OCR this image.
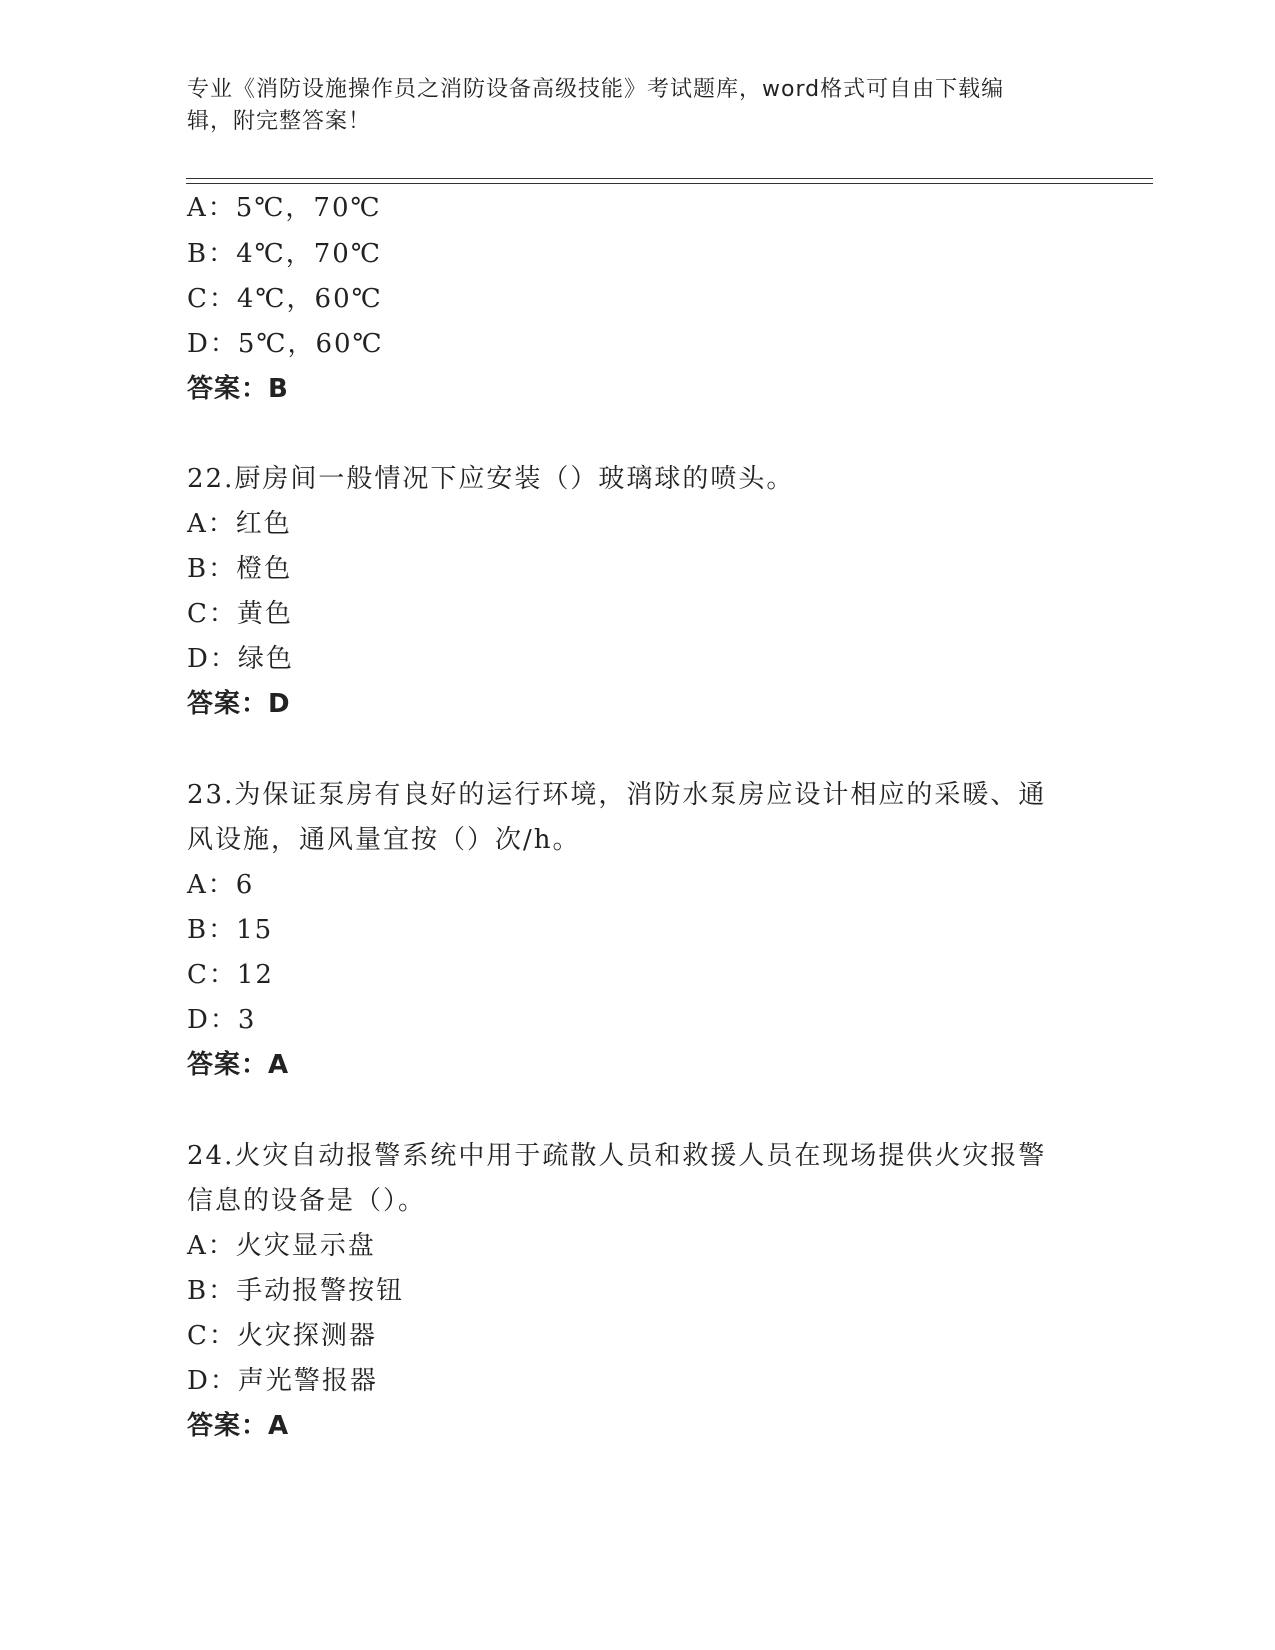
专业《消防设施操作员之消防设备高级技能》考试题库，word格式可自由下载编
辑，附完整答案！
A：5℃，70℃
B：4℃，70℃
C：4℃，60℃
D：5℃，60℃
答案：B
22.厨房间一般情况下应安装（）玻璃球的喷头。
A：红色
B：橙色
C：黄色
D：绿色
答案：D
23.为保证泵房有良好的运行环境，消防水泵房应设计相应的采暖、通
风设施，通风量宜按（）次/h。
A：6
B：15
C：12
D：3
答案：A
24.火灾自动报警系统中用于疏散人员和救援人员在现场提供火灾报警
信息的设备是（）。
A：火灾显示盘
B：手动报警按钮
C：火灾探测器
D：声光警报器
答案：A
